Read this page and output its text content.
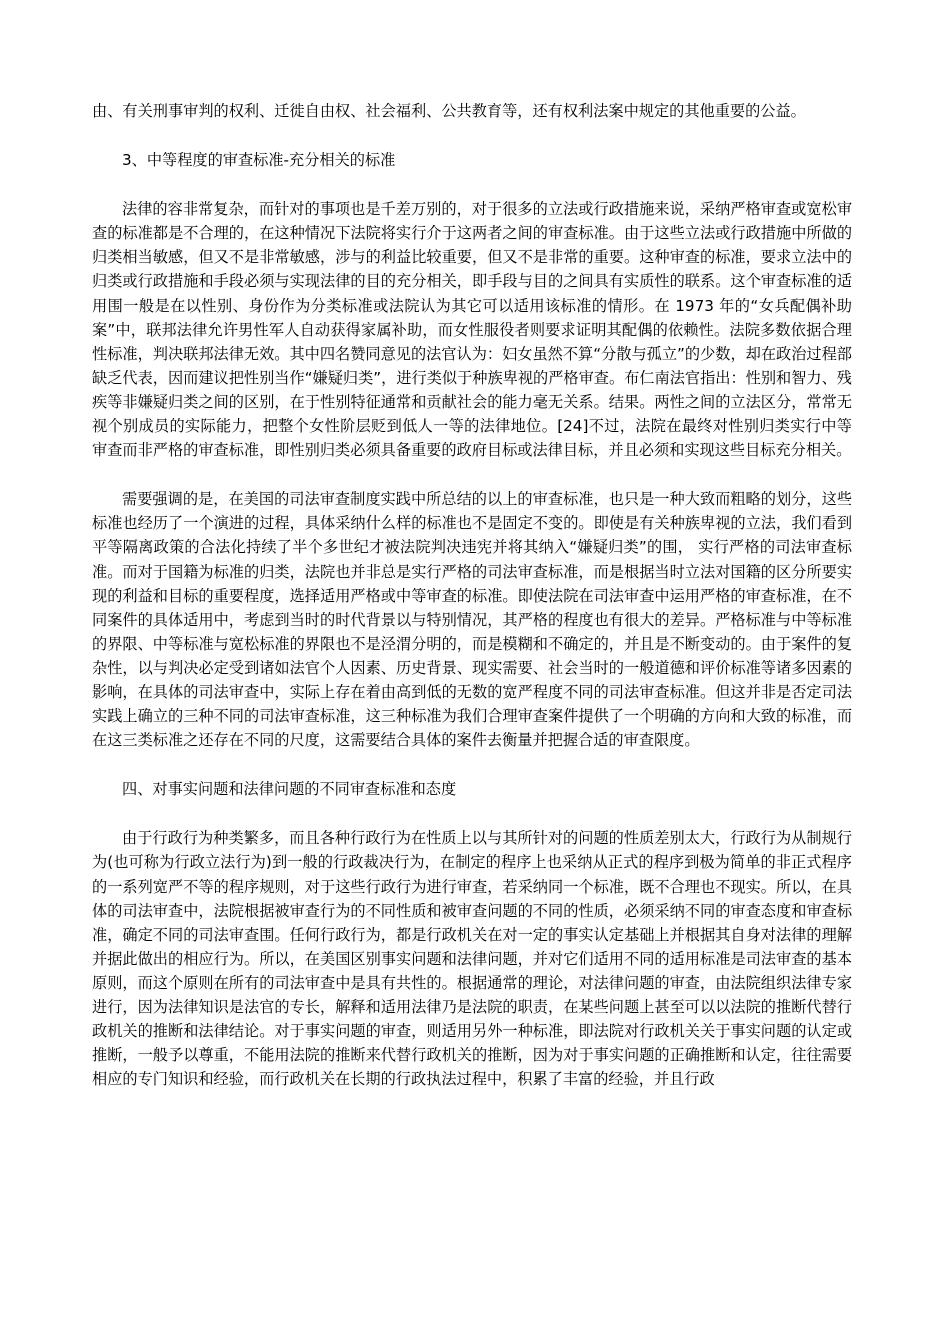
由、有关刑事审判的权利、迁徙自由权、社会福利、公共教育等，还有权利法案中规定的其他重要的公益。

3、中等程度的审查标准-充分相关的标准

法律的容非常复杂，而针对的事项也是千差万别的，对于很多的立法或行政措施来说，采纳严格审查或宽松审查的标准都是不合理的，在这种情况下法院将实行介于这两者之间的审查标准。由于这些立法或行政措施中所做的归类相当敏感，但又不是非常敏感，涉与的利益比较重要，但又不是非常的重要。这种审查的标准，要求立法中的归类或行政措施和手段必须与实现法律的目的充分相关，即手段与目的之间具有实质性的联系。这个审查标准的适用围一般是在以性别、身份作为分类标准或法院认为其它可以适用该标准的情形。在 1973 年的“女兵配偶补助案”中，联邦法律允许男性军人自动获得家属补助，而女性服役者则要求证明其配偶的依赖性。法院多数依据合理性标准，判决联邦法律无效。其中四名赞同意见的法官认为：妇女虽然不算“分散与孤立”的少数，却在政治过程部缺乏代表，因而建议把性别当作“嫌疑归类”，进行类似于种族卑视的严格审查。布仁南法官指出：性别和智力、残疾等非嫌疑归类之间的区别，在于性别特征通常和贡献社会的能力毫无关系。结果。两性之间的立法区分，常常无视个别成员的实际能力，把整个女性阶层贬到低人一等的法律地位。[24]不过，法院在最终对性别归类实行中等审查而非严格的审查标准，即性别归类必须具备重要的政府目标或法律目标，并且必须和实现这些目标充分相关。

需要强调的是，在美国的司法审查制度实践中所总结的以上的审查标准，也只是一种大致而粗略的划分，这些标准也经历了一个演进的过程，具体采纳什么样的标准也不是固定不变的。即使是有关种族卑视的立法，我们看到平等隔离政策的合法化持续了半个多世纪才被法院判决违宪并将其纳入“嫌疑归类”的围， 实行严格的司法审查标准。而对于国籍为标准的归类，法院也并非总是实行严格的司法审查标准，而是根据当时立法对国籍的区分所要实现的利益和目标的重要程度，选择适用严格或中等审查的标准。即使法院在司法审查中运用严格的审查标准，在不同案件的具体适用中，考虑到当时的时代背景以与特别情况，其严格的程度也有很大的差异。严格标准与中等标准的界限、中等标准与宽松标准的界限也不是泾渭分明的，而是模糊和不确定的，并且是不断变动的。由于案件的复杂性，以与判决必定受到诸如法官个人因素、历史背景、现实需要、社会当时的一般道德和评价标准等诸多因素的影响，在具体的司法审查中，实际上存在着由高到低的无数的宽严程度不同的司法审查标准。但这并非是否定司法实践上确立的三种不同的司法审查标准，这三种标准为我们合理审查案件提供了一个明确的方向和大致的标准，而在这三类标准之还存在不同的尺度，这需要结合具体的案件去衡量并把握合适的审查限度。

四、对事实问题和法律问题的不同审查标准和态度

由于行政行为种类繁多，而且各种行政行为在性质上以与其所针对的问题的性质差别太大，行政行为从制规行为(也可称为行政立法行为)到一般的行政裁决行为，在制定的程序上也采纳从正式的程序到极为简单的非正式程序的一系列宽严不等的程序规则，对于这些行政行为进行审查，若采纳同一个标准，既不合理也不现实。所以，在具体的司法审查中，法院根据被审查行为的不同性质和被审查问题的不同的性质，必须采纳不同的审查态度和审查标准，确定不同的司法审查围。任何行政行为，都是行政机关在对一定的事实认定基础上并根据其自身对法律的理解并据此做出的相应行为。所以，在美国区别事实问题和法律问题，并对它们适用不同的适用标准是司法审查的基本原则，而这个原则在所有的司法审查中是具有共性的。根据通常的理论，对法律问题的审查，由法院组织法律专家进行，因为法律知识是法官的专长，解释和适用法律乃是法院的职责，在某些问题上甚至可以以法院的推断代替行政机关的推断和法律结论。对于事实问题的审查，则适用另外一种标准，即法院对行政机关关于事实问题的认定或推断，一般予以尊重，不能用法院的推断来代替行政机关的推断，因为对于事实问题的正确推断和认定，往往需要相应的专门知识和经验，而行政机关在长期的行政执法过程中，积累了丰富的经验，并且行政
